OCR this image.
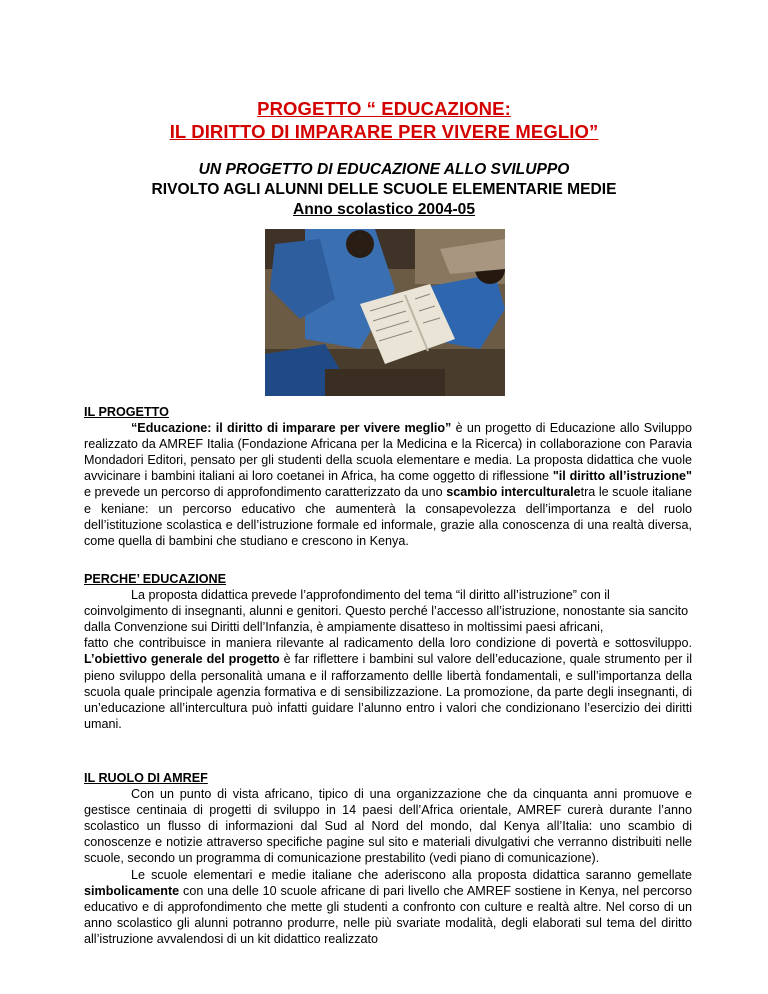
PROGETTO “ EDUCAZIONE:
IL DIRITTO DI IMPARARE PER VIVERE MEGLIO”
UN PROGETTO DI EDUCAZIONE ALLO SVILUPPO
RIVOLTO AGLI ALUNNI DELLE SCUOLE ELEMENTARIE MEDIE
Anno scolastico 2004-05
IL PROGETTO

“Educazione: il diritto di imparare per vivere meglio” è un progetto di Educazione allo Sviluppo realizzato da AMREF Italia (Fondazione Africana per la Medicina e la Ricerca) in collaborazione con Paravia Mondadori Editori, pensato per gli studenti della scuola elementare e media. La proposta didattica che vuole avvicinare i bambini italiani ai loro coetanei in Africa, ha come oggetto di riflessione "il diritto all’istruzione" e prevede un percorso di approfondimento caratterizzato da uno scambio interculturaletra le scuole italiane e keniane: un percorso educativo che aumenterà la consapevolezza dell’importanza e del ruolo dell’istituzione scolastica e dell’istruzione formale ed informale, grazie alla conoscenza di una realtà diversa, come quella di bambini che studiano e crescono in Kenya.

PERCHE’ EDUCAZIONE

La proposta didattica prevede l’approfondimento del tema “il diritto all’istruzione” con il coinvolgimento di insegnanti, alunni e genitori. Questo perché l’accesso all’istruzione, nonostante sia sancito dalla Convenzione sui Diritti dell’Infanzia, è ampiamente disatteso in moltissimi paesi africani,

fatto che contribuisce in maniera rilevante al radicamento della loro condizione di povertà e sottosviluppo. L’obiettivo generale del progetto è far riflettere i bambini sul valore dell’educazione, quale strumento per il pieno sviluppo della personalità umana e il rafforzamento dellle libertà fondamentali, e sull’importanza della scuola quale principale agenzia formativa e di sensibilizzazione. La promozione, da parte degli insegnanti, di un’educazione all’intercultura può infatti guidare l’alunno entro i valori che condizionano l’esercizio dei diritti umani.

IL RUOLO DI AMREF

Con un punto di vista africano, tipico di una organizzazione che da cinquanta anni promuove e gestisce centinaia di progetti di sviluppo in 14 paesi dell’Africa orientale, AMREF curerà durante l’anno scolastico un flusso di informazioni dal Sud al Nord del mondo, dal Kenya all’Italia: uno scambio di conoscenze e notizie attraverso specifiche pagine sul sito e materiali divulgativi che verranno distribuiti nelle scuole, secondo un programma di comunicazione prestabilito (vedi piano di comunicazione).

Le scuole elementari e medie italiane che aderiscono alla proposta didattica saranno gemellate simbolicamente con una delle 10 scuole africane di pari livello che AMREF sostiene in Kenya, nel percorso educativo e di approfondimento che mette gli studenti a confronto con culture e realtà altre. Nel corso di un anno scolastico gli alunni potranno produrre, nelle più svariate modalità, degli elaborati sul tema del diritto all’istruzione avvalendosi di un kit didattico realizzato
